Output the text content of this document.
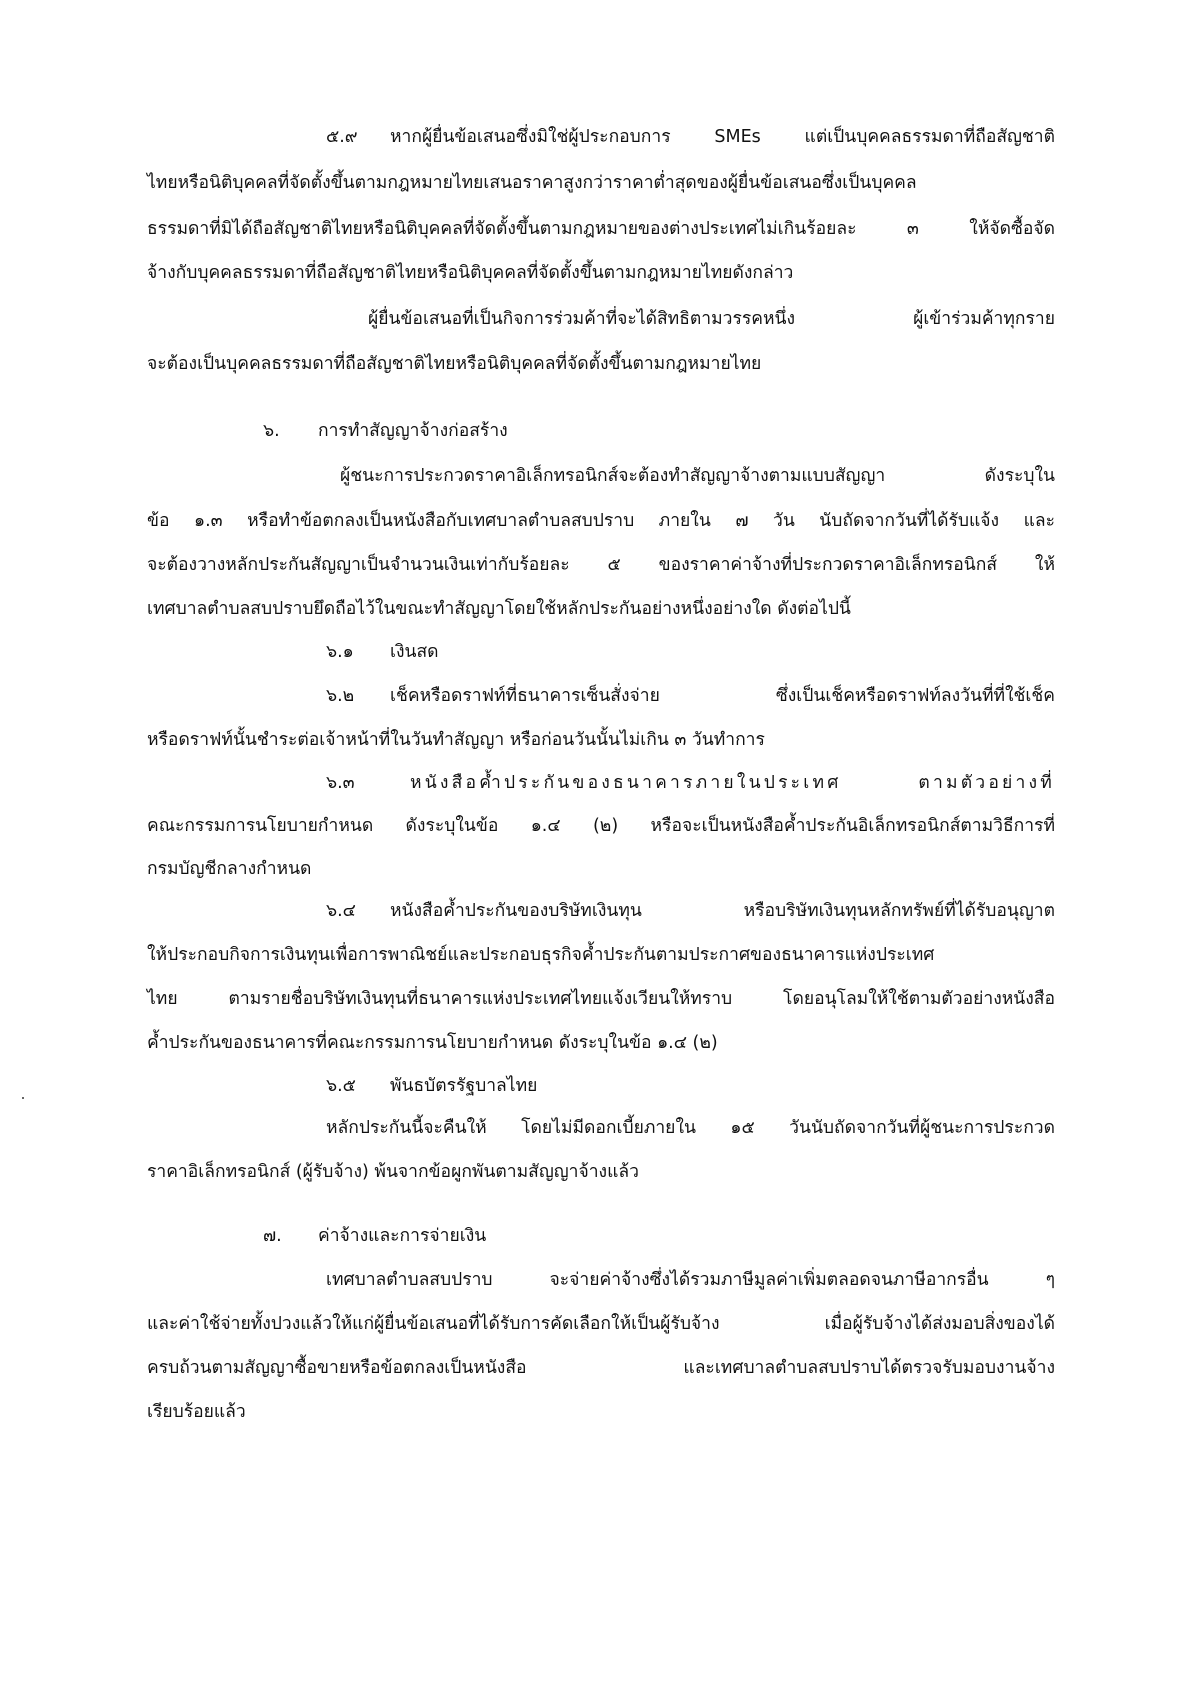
๕.๙ หากผู้ยื่นข้อเสนอซึ่งมิใช่ผู้ประกอบการ SMEs แต่เป็นบุคคลธรรมดาที่ถือสัญชาติ
ไทยหรือนิติบุคคลที่จัดตั้งขึ้นตามกฎหมายไทยเสนอราคาสูงกว่าราคาต่ำสุดของผู้ยื่นข้อเสนอซึ่งเป็นบุคคล
ธรรมดาที่มิได้ถือสัญชาติไทยหรือนิติบุคคลที่จัดตั้งขึ้นตามกฎหมายของต่างประเทศไม่เกินร้อยละ ๓ ให้จัดซื้อจัด
จ้างกับบุคคลธรรมดาที่ถือสัญชาติไทยหรือนิติบุคคลที่จัดตั้งขึ้นตามกฎหมายไทยดังกล่าว
ผู้ยื่นข้อเสนอที่เป็นกิจการร่วมค้าที่จะได้สิทธิตามวรรคหนึ่ง ผู้เข้าร่วมค้าทุกราย
จะต้องเป็นบุคคลธรรมดาที่ถือสัญชาติไทยหรือนิติบุคคลที่จัดตั้งขึ้นตามกฎหมายไทย
๖. การทำสัญญาจ้างก่อสร้าง
ผู้ชนะการประกวดราคาอิเล็กทรอนิกส์จะต้องทำสัญญาจ้างตามแบบสัญญา ดังระบุใน
ข้อ ๑.๓ หรือทำข้อตกลงเป็นหนังสือกับเทศบาลตำบลสบปราบ ภายใน ๗ วัน นับถัดจากวันที่ได้รับแจ้ง และ
จะต้องวางหลักประกันสัญญาเป็นจำนวนเงินเท่ากับร้อยละ ๕ ของราคาค่าจ้างที่ประกวดราคาอิเล็กทรอนิกส์ ให้
เทศบาลตำบลสบปราบยึดถือไว้ในขณะทำสัญญาโดยใช้หลักประกันอย่างหนึ่งอย่างใด ดังต่อไปนี้
๖.๑ เงินสด
๖.๒ เช็คหรือดราฟท์ที่ธนาคารเซ็นสั่งจ่าย ซึ่งเป็นเช็คหรือดราฟท์ลงวันที่ที่ใช้เช็ค
หรือดราฟท์นั้นชำระต่อเจ้าหน้าที่ในวันทำสัญญา หรือก่อนวันนั้นไม่เกิน ๓ วันทำการ
๖.๓	หนังสือค้ำประกันของธนาคารภายในประเทศ ตามตัวอย่างที่
คณะกรรมการนโยบายกำหนด ดังระบุในข้อ ๑.๔ (๒) หรือจะเป็นหนังสือค้ำประกันอิเล็กทรอนิกส์ตามวิธีการที่
กรมบัญชีกลางกำหนด
๖.๔ หนังสือค้ำประกันของบริษัทเงินทุน หรือบริษัทเงินทุนหลักทรัพย์ที่ได้รับอนุญาต
ให้ประกอบกิจการเงินทุนเพื่อการพาณิชย์และประกอบธุรกิจค้ำประกันตามประกาศของธนาคารแห่งประเทศ
ไทย ตามรายชื่อบริษัทเงินทุนที่ธนาคารแห่งประเทศไทยแจ้งเวียนให้ทราบ โดยอนุโลมให้ใช้ตามตัวอย่างหนังสือ
ค้ำประกันของธนาคารที่คณะกรรมการนโยบายกำหนด ดังระบุในข้อ ๑.๔ (๒)
๖.๕ พันธบัตรรัฐบาลไทย
หลักประกันนี้จะคืนให้ โดยไม่มีดอกเบี้ยภายใน ๑๕ วันนับถัดจากวันที่ผู้ชนะการประกวด
ราคาอิเล็กทรอนิกส์ (ผู้รับจ้าง) พ้นจากข้อผูกพันตามสัญญาจ้างแล้ว
๗. ค่าจ้างและการจ่ายเงิน
เทศบาลตำบลสบปราบ จะจ่ายค่าจ้างซึ่งได้รวมภาษีมูลค่าเพิ่มตลอดจนภาษีอากรอื่น ๆ
และค่าใช้จ่ายทั้งปวงแล้วให้แก่ผู้ยื่นข้อเสนอที่ได้รับการคัดเลือกให้เป็นผู้รับจ้าง เมื่อผู้รับจ้างได้ส่งมอบสิ่งของได้
ครบถ้วนตามสัญญาซื้อขายหรือข้อตกลงเป็นหนังสือ และเทศบาลตำบลสบปราบได้ตรวจรับมอบงานจ้าง
เรียบร้อยแล้ว
